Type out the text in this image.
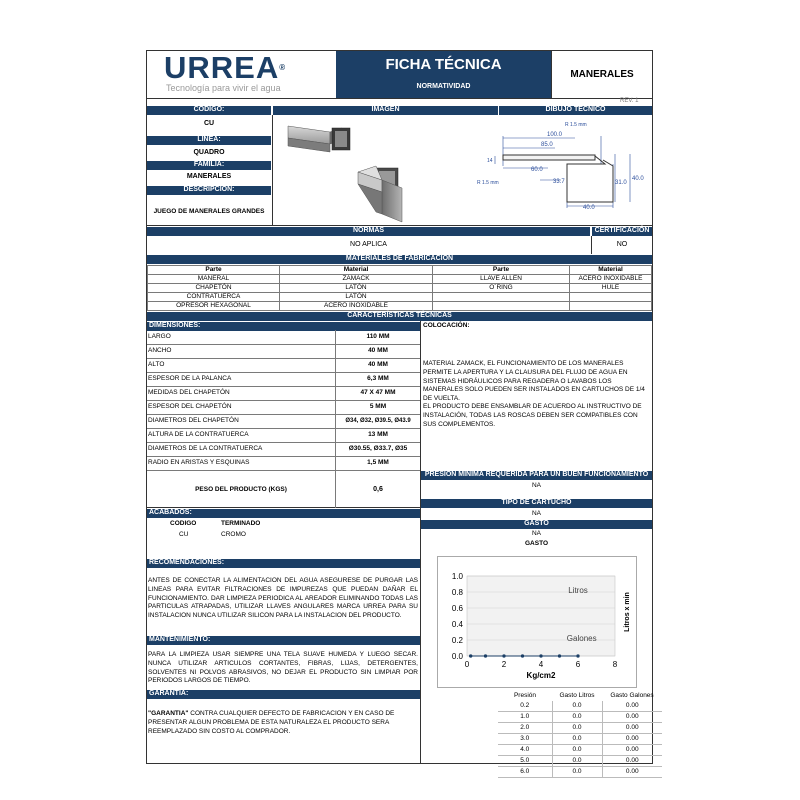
URREA®
Tecnología para vivir el agua
FICHA TÉCNICA
NORMATIVIDAD
MANERALES
REV. 1
CÓDIGO:	IMAGEN	DIBUJO TÉCNICO
CU
LÍNEA:
QUADRO
FAMILIA:
MANERALES
DESCRIPCIÓN:
JUEGO DE MANERALES GRANDES
R 1.5 mm
100.0
85.0
14
60.0
R 1.5 mm	33.7	31.0
40.0
40.0
NORMAS	CERTIFICACIÓN
NO APLICA	NO
MATERIALES DE FABRICACIÓN
Parte	Material	Parte	Material
MANERAL	ZAMACK	LLAVE ALLEN	ACERO INOXIDABLE
CHAPETÓN	LATÓN	O´RING	HULE
CONTRATUERCA	LATÓN		
OPRESOR HEXAGONAL	ACERO INOXIDABLE		
CARACTERÍSTICAS TÉCNICAS
DIMENSIONES:	COLOCACIÓN:
LARGO	110 MM
ANCHO	40 MM
ALTO	40 MM
ESPESOR DE LA PALANCA	6,3 MM
MEDIDAS DEL CHAPETÓN	47 X 47 MM
ESPESOR DEL CHAPETÓN	5 MM
DIAMETROS DEL CHAPETÓN	Ø34, Ø32, Ø39.5, Ø43.9
ALTURA DE LA CONTRATUERCA	13 MM
DIAMETROS DE LA CONTRATUERCA	Ø30.55, Ø33.7, Ø35
RADIO EN ARISTAS Y ESQUINAS	1,5 MM
PESO DEL PRODUCTO (KGS)	0,6
MATERIAL ZAMACK, EL FUNCIONAMIENTO DE LOS MANERALES PERMITE LA APERTURA Y LA CLAUSURA DEL FLUJO DE AGUA EN SISTEMAS HIDRÁULICOS PARA REGADERA O LAVABOS LOS MANERALES SOLO PUEDEN SER INSTALADOS EN CARTUCHOS DE 1/4 DE VUELTA.
EL PRODUCTO DEBE ENSAMBLAR DE ACUERDO AL INSTRUCTIVO DE INSTALACIÓN, TODAS LAS ROSCAS DEBEN SER COMPATIBLES CON SUS COMPLEMENTOS.
PRESION MINIMA REQUERIDA PARA UN BUEN FUNCIONAMIENTO
NA
TIPO DE CARTUCHO
NA
GASTO
NA
GASTO
ACABADOS:
CODIGO	TERMINADO
CU	CROMO
RECOMENDACIONES:
ANTES DE CONECTAR LA ALIMENTACION DEL AGUA ASEGURESE DE PURGAR LAS LINEAS PARA EVITAR FILTRACIONES DE IMPUREZAS QUE PUEDAN DAÑAR EL FUNCIONAMIENTO. DAR LIMPIEZA PERIODICA AL AREADOR ELIMINANDO TODAS LAS PARTICULAS ATRAPADAS, UTILIZAR LLAVES ANGULARES MARCA URREA PARA SU INSTALACION NUNCA UTILIZAR SILICON PARA LA INSTALACION DEL PRODUCTO.
MANTENIMIENTO:
PARA LA LIMPIEZA USAR SIEMPRE UNA TELA SUAVE HUMEDA Y LUEGO SECAR. NUNCA UTILIZAR ARTICULOS CORTANTES, FIBRAS, LIJAS, DETERGENTES, SOLVENTES NI POLVOS ABRASIVOS, NO DEJAR EL PRODUCTO SIN LIMPIAR POR PERIODOS LARGOS DE TIEMPO.
GARANTÍA:
"GARANTIA" CONTRA CUALQUIER DEFECTO DE FABRICACION Y EN CASO DE PRESENTAR ALGUN PROBLEMA DE ESTA NATURALEZA EL PRODUCTO SERA REEMPLAZADO SIN COSTO AL COMPRADOR.
0.0
0.2
0.4
0.6
0.8
1.0
0	2	4	6	8
Kg/cm2
Litros x min
Litros
Galones
Presión	Gasto Litros	Gasto Galones
0.2	0.0	0.00
1.0	0.0	0.00
2.0	0.0	0.00
3.0	0.0	0.00
4.0	0.0	0.00
5.0	0.0	0.00
6.0	0.0	0.00
